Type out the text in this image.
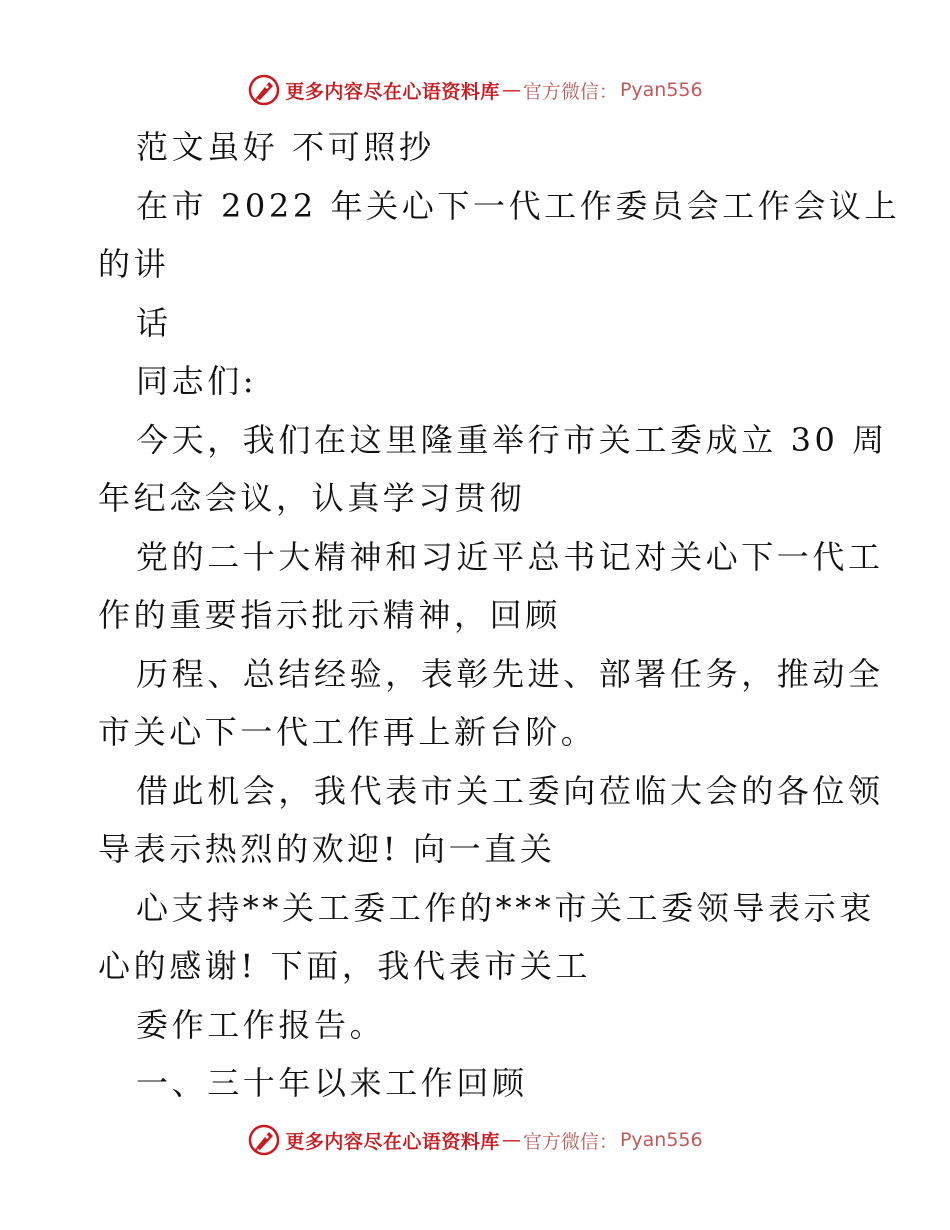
更多内容尽在心语资料库 — 官方微信： Pyan556
范文虽好 不可照抄
在市 2022 年关心下一代工作委员会工作会议上
的讲
话
同志们:
今天，我们在这里隆重举行市关工委成立 30 周
年纪念会议，认真学习贯彻
党的二十大精神和习近平总书记对关心下一代工
作的重要指示批示精神，回顾
历程、总结经验，表彰先进、部署任务，推动全
市关心下一代工作再上新台阶。
借此机会，我代表市关工委向莅临大会的各位领
导表示热烈的欢迎! 向一直关
心支持**关工委工作的***市关工委领导表示衷
心的感谢! 下面，我代表市关工
委作工作报告。
一、三十年以来工作回顾
更多内容尽在心语资料库 — 官方微信： Pyan556
